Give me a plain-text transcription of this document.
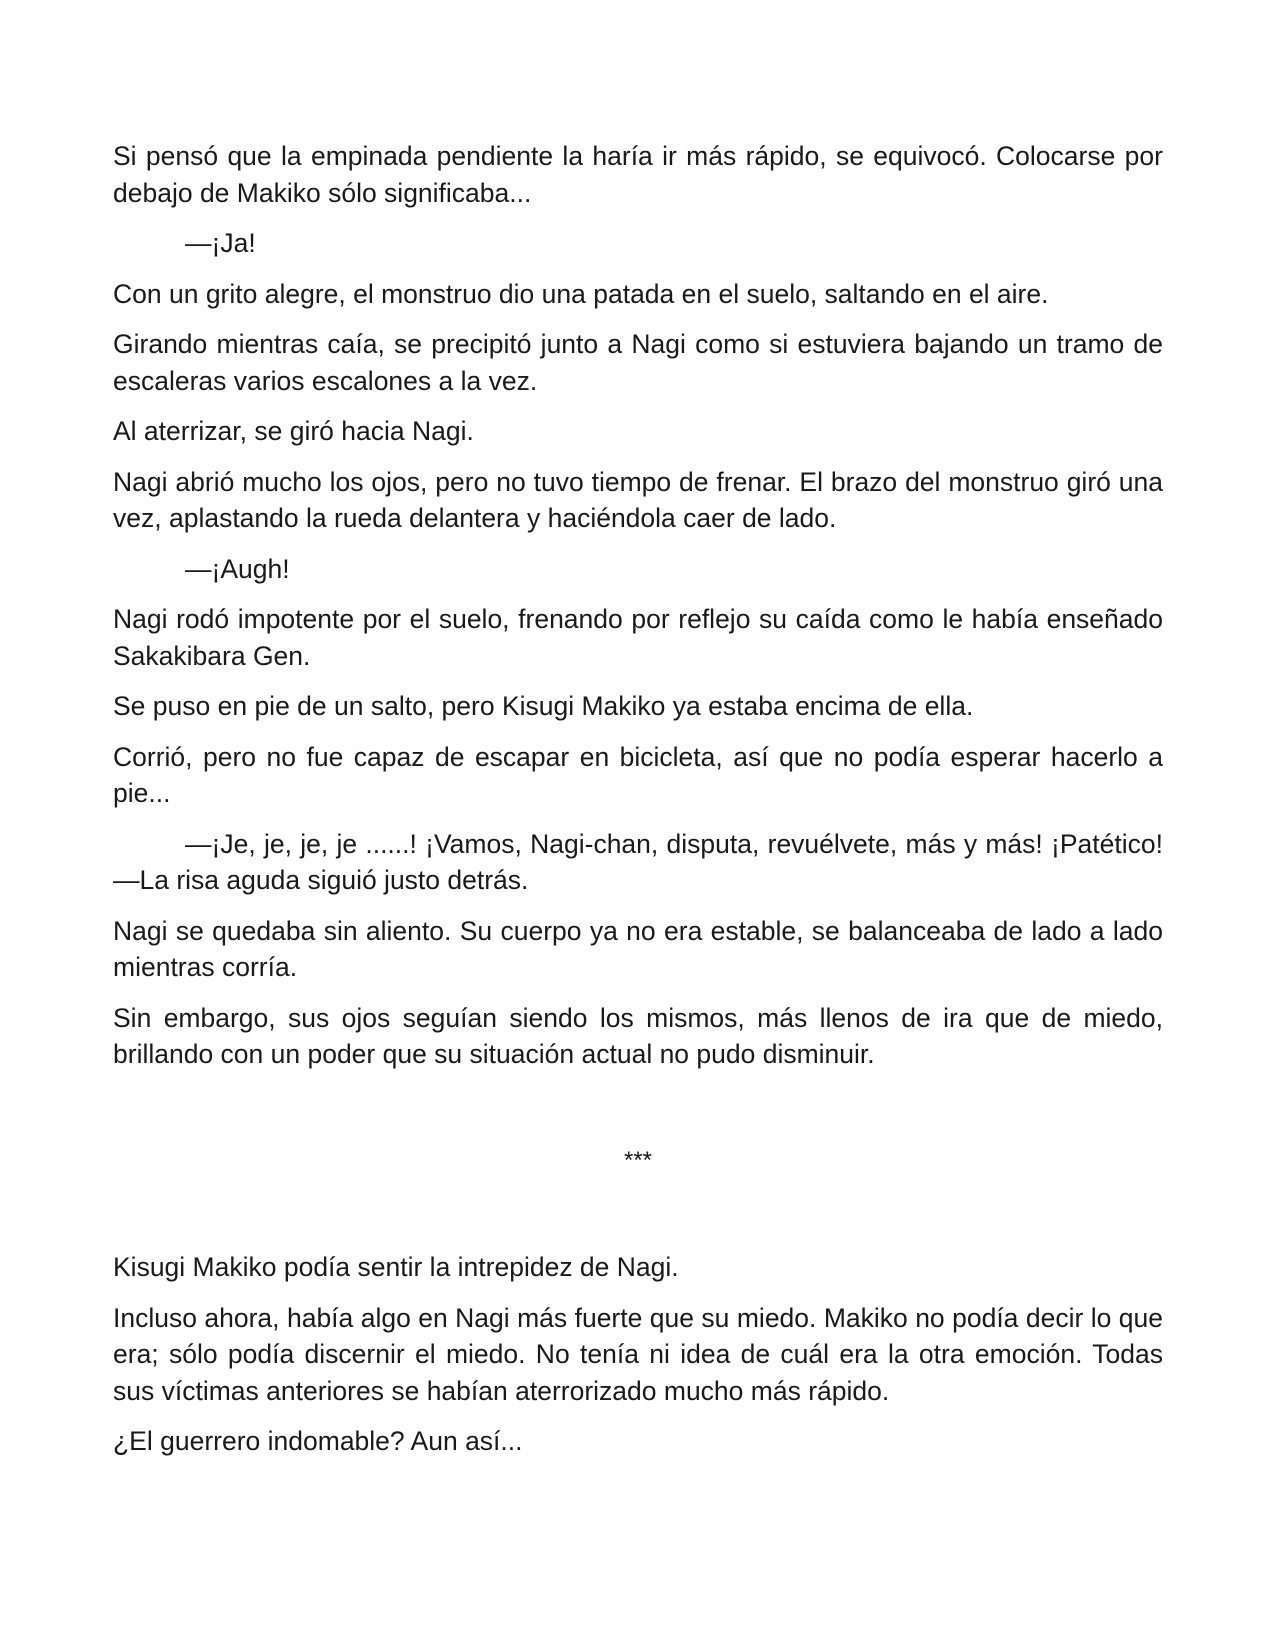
Si pensó que la empinada pendiente la haría ir más rápido, se equivocó. Colocarse por debajo de Makiko sólo significaba...

—¡Ja!

Con un grito alegre, el monstruo dio una patada en el suelo, saltando en el aire.

Girando mientras caía, se precipitó junto a Nagi como si estuviera bajando un tramo de escaleras varios escalones a la vez.

Al aterrizar, se giró hacia Nagi.

Nagi abrió mucho los ojos, pero no tuvo tiempo de frenar. El brazo del monstruo giró una vez, aplastando la rueda delantera y haciéndola caer de lado.

—¡Augh!

Nagi rodó impotente por el suelo, frenando por reflejo su caída como le había enseñado Sakakibara Gen.

Se puso en pie de un salto, pero Kisugi Makiko ya estaba encima de ella.

Corrió, pero no fue capaz de escapar en bicicleta, así que no podía esperar hacerlo a pie...

—¡Je, je, je, je ......! ¡Vamos, Nagi-chan, disputa, revuélvete, más y más! ¡Patético! —La risa aguda siguió justo detrás.

Nagi se quedaba sin aliento. Su cuerpo ya no era estable, se balanceaba de lado a lado mientras corría.

Sin embargo, sus ojos seguían siendo los mismos, más llenos de ira que de miedo, brillando con un poder que su situación actual no pudo disminuir.

***

Kisugi Makiko podía sentir la intrepidez de Nagi.

Incluso ahora, había algo en Nagi más fuerte que su miedo. Makiko no podía decir lo que era; sólo podía discernir el miedo. No tenía ni idea de cuál era la otra emoción. Todas sus víctimas anteriores se habían aterrorizado mucho más rápido.

¿El guerrero indomable? Aun así...
